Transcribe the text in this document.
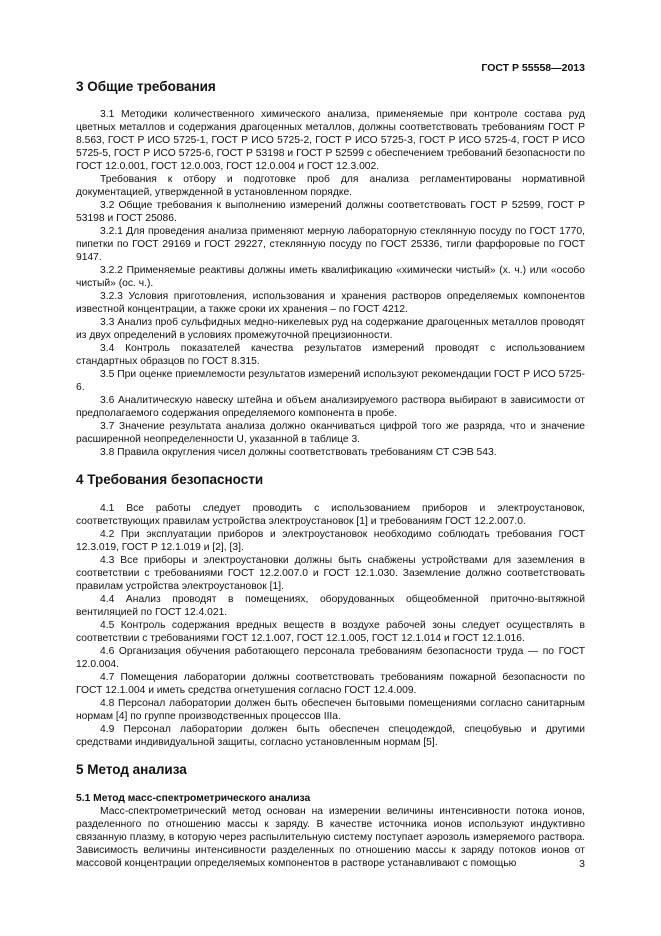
ГОСТ Р 55558—2013
3 Общие требования

3.1 Методики количественного химического анализа, применяемые при контроле состава руд цветных металлов и содержания драгоценных металлов, должны соответствовать требованиям ГОСТ Р 8.563, ГОСТ Р ИСО 5725-1, ГОСТ Р ИСО 5725-2, ГОСТ Р ИСО 5725-3, ГОСТ Р ИСО 5725-4, ГОСТ Р ИСО 5725-5, ГОСТ Р ИСО 5725-6, ГОСТ Р 53198 и ГОСТ Р 52599 с обеспечением требований безопасности по ГОСТ 12.0.001, ГОСТ 12.0.003, ГОСТ 12.0.004 и ГОСТ 12.3.002.

Требования к отбору и подготовке проб для анализа регламентированы нормативной документацией, утвержденной в установленном порядке.

3.2 Общие требования к выполнению измерений должны соответствовать ГОСТ Р 52599, ГОСТ Р 53198 и ГОСТ 25086.

3.2.1 Для проведения анализа применяют мерную лабораторную стеклянную посуду по ГОСТ 1770, пипетки по ГОСТ 29169 и ГОСТ 29227, стеклянную посуду по ГОСТ 25336, тигли фарфоровые по ГОСТ 9147.

3.2.2 Применяемые реактивы должны иметь квалификацию «химически чистый» (х. ч.) или «особо чистый» (ос. ч.).

3.2.3 Условия приготовления, использования и хранения растворов определяемых компонентов известной концентрации, а также сроки их хранения – по ГОСТ 4212.

3.3 Анализ проб сульфидных медно-никелевых руд на содержание драгоценных металлов проводят из двух определений в условиях промежуточной прецизионности.

3.4 Контроль показателей качества результатов измерений проводят с использованием стандартных образцов по ГОСТ 8.315.

3.5 При оценке приемлемости результатов измерений используют рекомендации ГОСТ Р ИСО 5725-6.

3.6 Аналитическую навеску штейна и объем анализируемого раствора выбирают в зависимости от предполагаемого содержания определяемого компонента в пробе.

3.7 Значение результата анализа должно оканчиваться цифрой того же разряда, что и значение расширенной неопределенности U, указанной в таблице 3.

3.8 Правила округления чисел должны соответствовать требованиям СТ СЭВ 543.

4 Требования безопасности

4.1 Все работы следует проводить с использованием приборов и электроустановок, соответствующих правилам устройства электроустановок [1] и требованиям ГОСТ 12.2.007.0.

4.2 При эксплуатации приборов и электроустановок необходимо соблюдать требования ГОСТ 12.3.019, ГОСТ Р 12.1.019 и [2], [3].

4.3 Все приборы и электроустановки должны быть снабжены устройствами для заземления в соответствии с требованиями ГОСТ 12.2.007.0 и ГОСТ 12.1.030. Заземление должно соответствовать правилам устройства электроустановок [1].

4.4 Анализ проводят в помещениях, оборудованных общеобменной приточно-вытяжной вентиляцией по ГОСТ 12.4.021.

4.5 Контроль содержания вредных веществ в воздухе рабочей зоны следует осуществлять в соответствии с требованиями ГОСТ 12.1.007, ГОСТ 12.1.005, ГОСТ 12.1.014 и ГОСТ 12.1.016.

4.6 Организация обучения работающего персонала требованиям безопасности труда — по ГОСТ 12.0.004.

4.7 Помещения лаборатории должны соответствовать требованиям пожарной безопасности по ГОСТ 12.1.004 и иметь средства огнетушения согласно ГОСТ 12.4.009.

4.8 Персонал лаборатории должен быть обеспечен бытовыми помещениями согласно санитарным нормам [4] по группе производственных процессов IIIa.

4.9 Персонал лаборатории должен быть обеспечен спецодеждой, спецобувью и другими средствами индивидуальной защиты, согласно установленным нормам [5].

5 Метод анализа
5.1 Метод масс-спектрометрического анализа

Масс-спектрометрический метод основан на измерении величины интенсивности потока ионов, разделенного по отношению массы к заряду. В качестве источника ионов используют индуктивно связанную плазму, в которую через распылительную систему поступает аэрозоль измеряемого раствора. Зависимость величины интенсивности разделенных по отношению массы к заряду потоков ионов от массовой концентрации определяемых компонентов в растворе устанавливают с помощью	3
